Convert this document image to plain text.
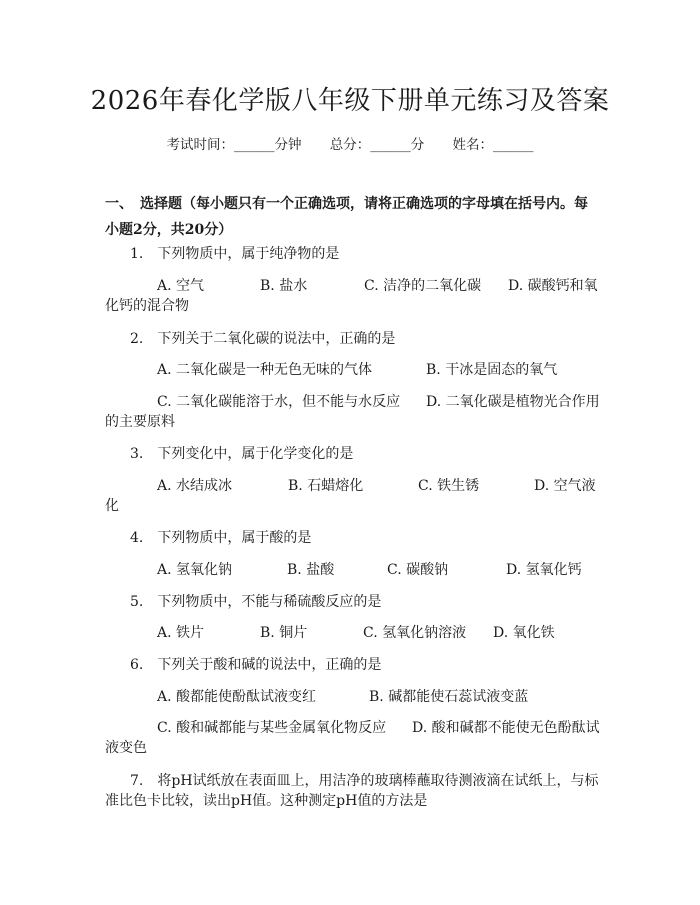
2026年春化学版八年级下册单元练习及答案
考试时间：______分钟 总分：______分 姓名：______
一、　选择题（每小题只有一个正确选项，请将正确选项的字母填在括号内。每小题2分，共20分）
1.　下列物质中，属于纯净物的是
A. 空气	B. 盐水	C. 洁净的二氧化碳 D. 碳酸钙和氧
化钙的混合物
2.　下列关于二氧化碳的说法中，正确的是
A. 二氧化碳是一种无色无味的气体	B. 干冰是固态的氧气
C. 二氧化碳能溶于水，但不能与水反应 D. 二氧化碳是植物光合作用
的主要原料
3.　下列变化中，属于化学变化的是
A. 水结成冰	B. 石蜡熔化	C. 铁生锈	D. 空气液
化
4.　下列物质中，属于酸的是
A. 氢氧化钠	B. 盐酸	C. 碳酸钠	D. 氢氧化钙
5.　下列物质中，不能与稀硫酸反应的是
A. 铁片	B. 铜片	C. 氢氧化钠溶液 D. 氧化铁
6.　下列关于酸和碱的说法中，正确的是
A. 酸都能使酚酞试液变红	B. 碱都能使石蕊试液变蓝
C. 酸和碱都能与某些金属氧化物反应 D. 酸和碱都不能使无色酚酞试
液变色
7.　将pH试纸放在表面皿上，用洁净的玻璃棒蘸取待测液滴在试纸上，与标
准比色卡比较，读出pH值。这种测定pH值的方法是
